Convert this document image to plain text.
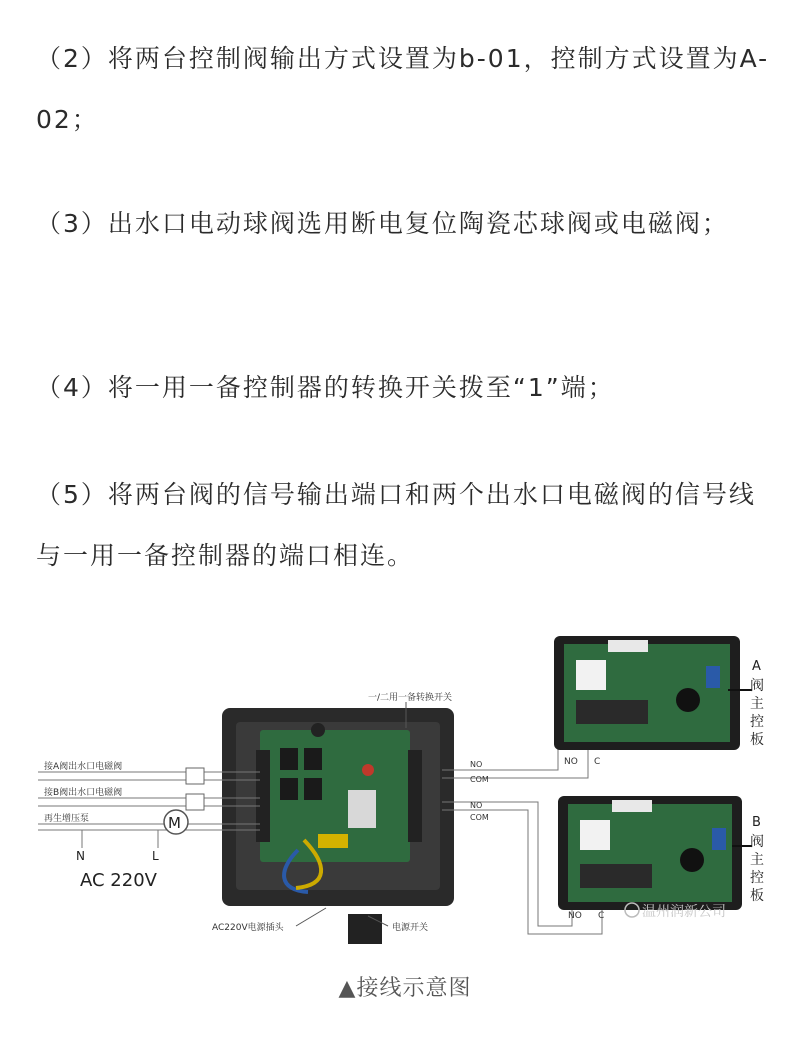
（2）将两台控制阀输出方式设置为b-01，控制方式设置为A-02；
（3）出水口电动球阀选用断电复位陶瓷芯球阀或电磁阀；
（4）将一用一备控制器的转换开关拨至“1”端；
（5）将两台阀的信号输出端口和两个出水口电磁阀的信号线与一用一备控制器的端口相连。
一/二用一备转换开关
M
接A阀出水口电磁阀
接B阀出水口电磁阀
再生增压泵
N	L
AC 220V
AC220V电源插头	电源开关
NO
COM
NO
COM
NO C
A
阀
主
控
板
NO C
B
阀
主
控
板
温州润新公司
▲接线示意图
